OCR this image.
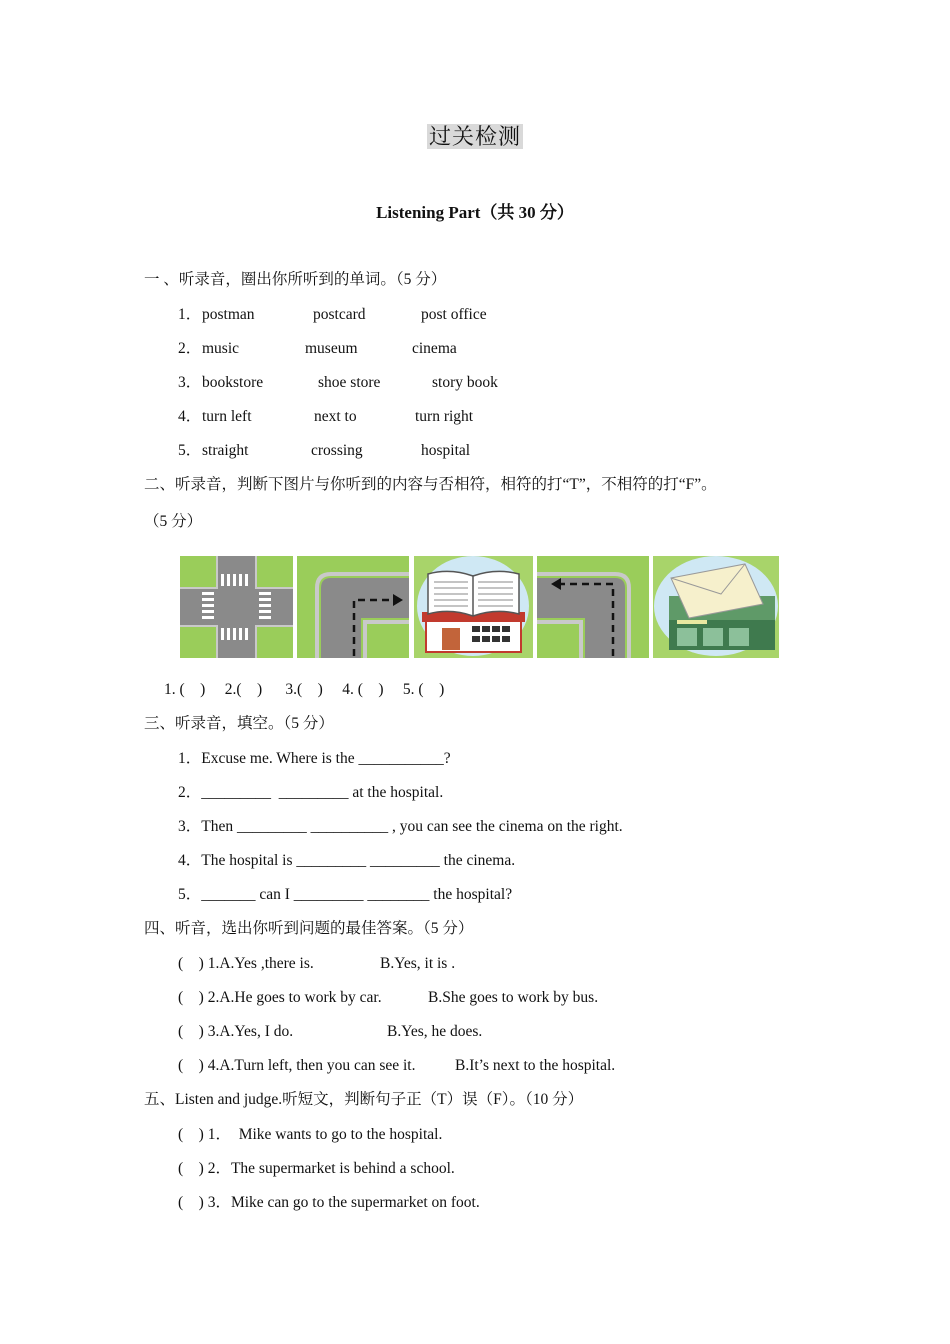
过关检测
Listening Part（共 30 分）
一 、听录音，圈出你所听到的单词。（5 分）
1． postman	postcard	post office
2． music	museum	cinema
3． bookstore	shoe store	story book
4． turn left	next to	turn right
5． straight	crossing	hospital
二、听录音，判断下图片与你听到的内容与否相符，相符的打“T”，不相符的打“F”。
（5 分）
1. (    )     2.(    )      3.(    )     4. (    )     5. (    )
三、听录音，填空。（5 分）
1．Excuse me. Where is the ___________?
2．_________  _________ at the hospital.
3．Then _________ __________ , you can see the cinema on the right.
4．The hospital is _________ _________ the cinema.
5．_______ can I _________ ________ the hospital?
四、听音，选出你听到问题的最佳答案。（5 分）
(    ) 1.A.Yes ,there is.	B.Yes, it is .
(    ) 2.A.He goes to work by car.	B.She goes to work by bus.
(    ) 3.A.Yes, I do.	B.Yes, he does.
(    ) 4.A.Turn left, then you can see it.	B.It’s next to the hospital.
五、Listen and judge.听短文，判断句子正（T）误（F）。（10 分）
(    ) 1．  Mike wants to go to the hospital.
(    ) 2．The supermarket is behind a school.
(    ) 3．Mike can go to the supermarket on foot.
